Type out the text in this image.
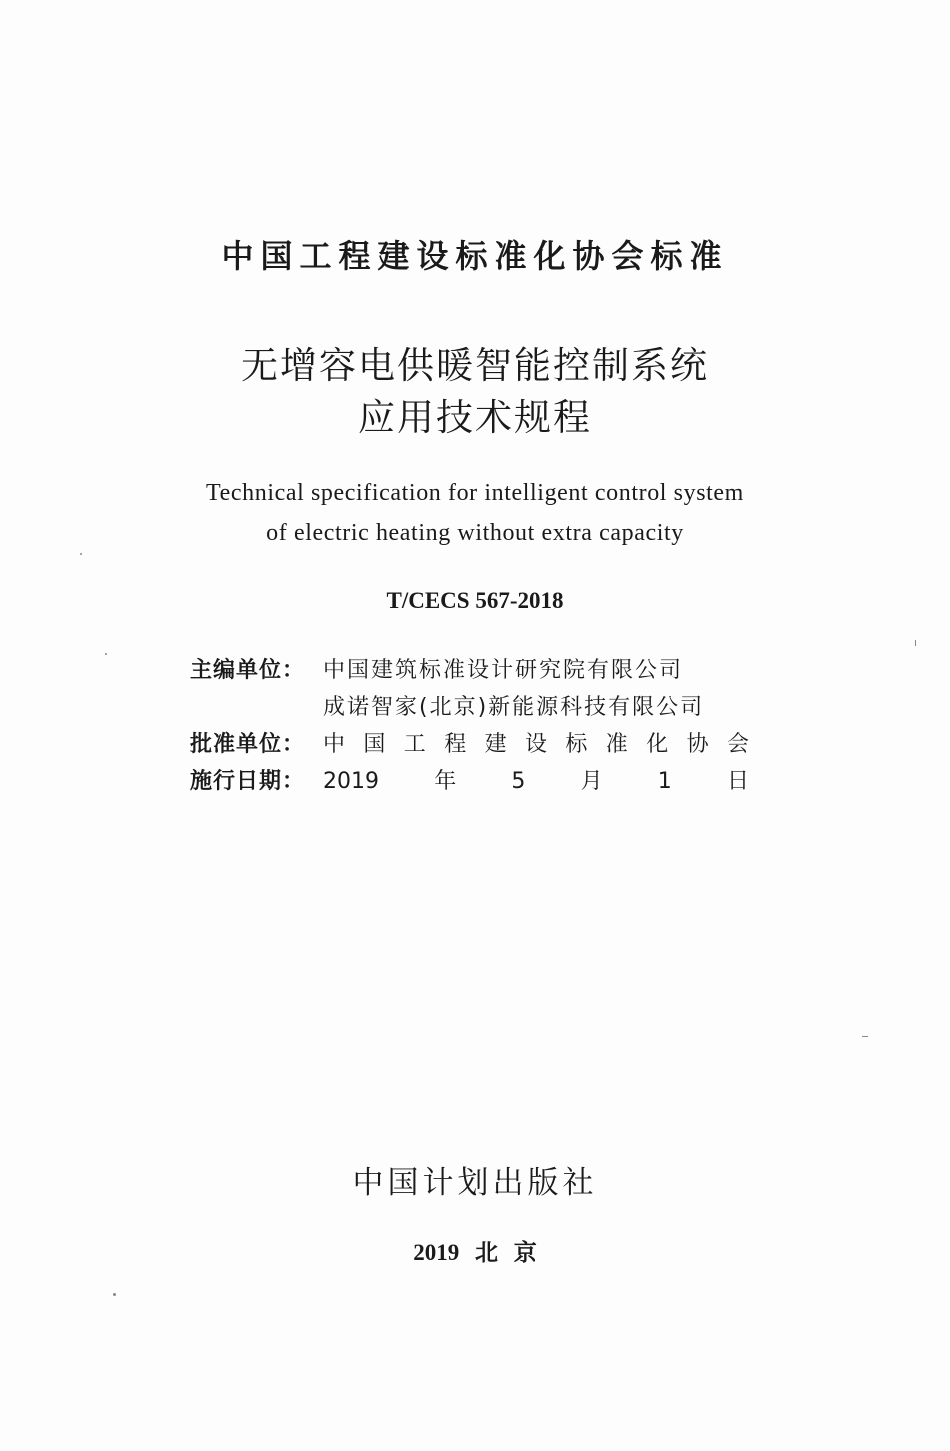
中国工程建设标准化协会标准
无增容电供暖智能控制系统
应用技术规程
Technical specification for intelligent control system
of electric heating without extra capacity
T/CECS 567-2018
主编单位： 中国建筑标准设计研究院有限公司
成诺智家(北京)新能源科技有限公司
批准单位： 中国工程建设标准化协会
施行日期： 2019年5月1日
中国计划出版社
2019 北 京
